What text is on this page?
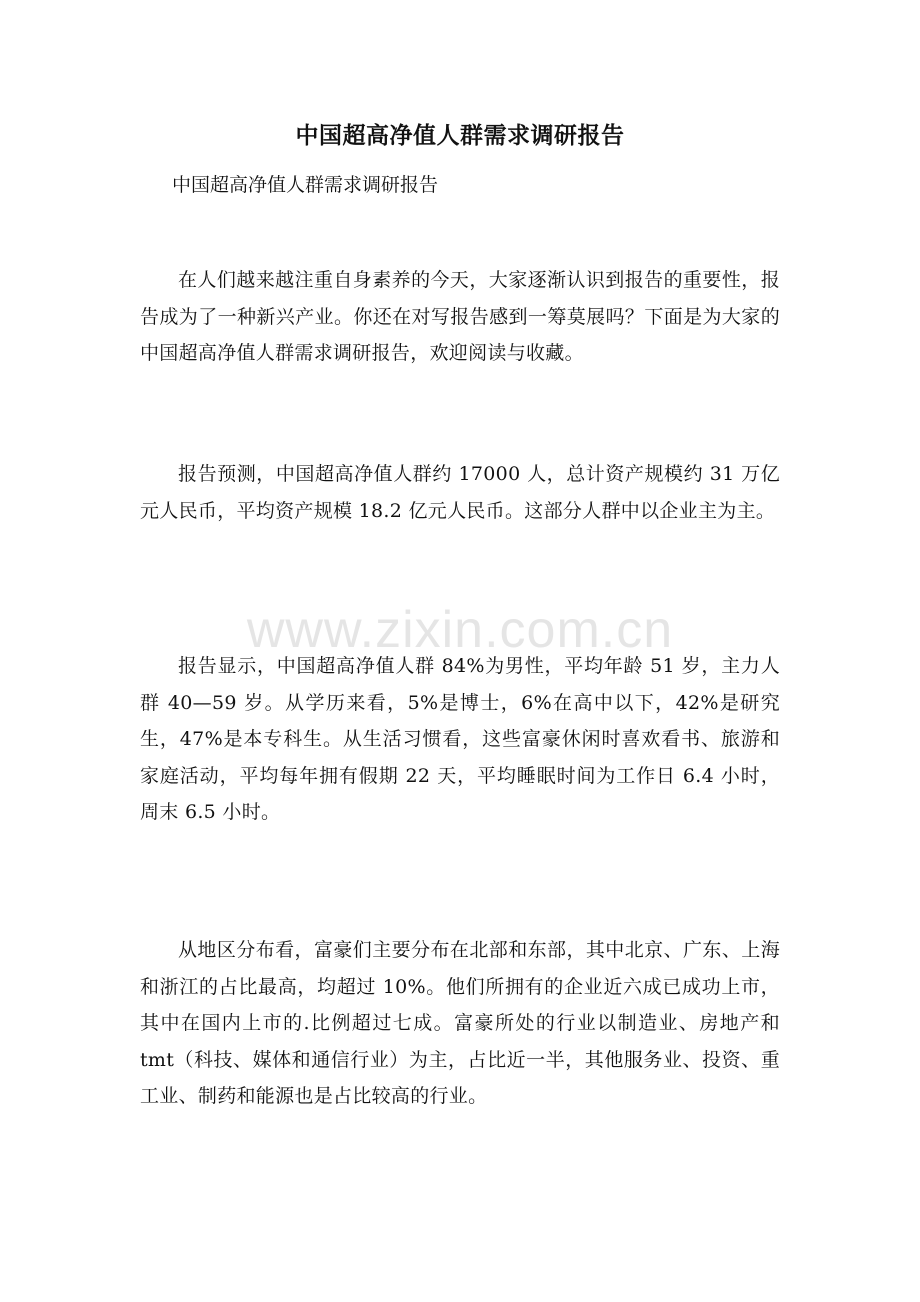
中国超高净值人群需求调研报告
中国超高净值人群需求调研报告
在人们越来越注重自身素养的今天，大家逐渐认识到报告的重要性，报告成为了一种新兴产业。你还在对写报告感到一筹莫展吗？下面是为大家的中国超高净值人群需求调研报告，欢迎阅读与收藏。
报告预测，中国超高净值人群约 17000 人，总计资产规模约 31 万亿元人民币，平均资产规模 18.2 亿元人民币。这部分人群中以企业主为主。
报告显示，中国超高净值人群 84%为男性，平均年龄 51 岁，主力人群 40—59 岁。从学历来看，5%是博士，6%在高中以下，42%是研究生，47%是本专科生。从生活习惯看，这些富豪休闲时喜欢看书、旅游和家庭活动，平均每年拥有假期 22 天，平均睡眠时间为工作日 6.4 小时，周末 6.5 小时。
从地区分布看，富豪们主要分布在北部和东部，其中北京、广东、上海和浙江的占比最高，均超过 10%。他们所拥有的企业近六成已成功上市，其中在国内上市的.比例超过七成。富豪所处的行业以制造业、房地产和 tmt（科技、媒体和通信行业）为主，占比近一半，其他服务业、投资、重工业、制药和能源也是占比较高的行业。
www.zixin.com.cn
